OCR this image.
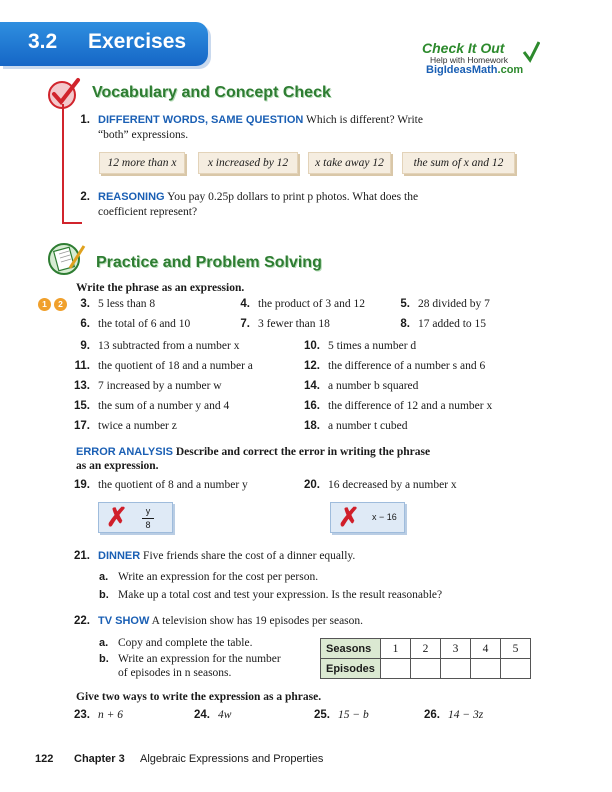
3.2 Exercises	Check It Out
Help with Homework
BigIdeasMath.com
Vocabulary and Concept Check
1. DIFFERENT WORDS, SAME QUESTION Which is different? Write
“both” expressions.
12 more than x	x increased by 12	x take away 12	the sum of x and 12
2. REASONING You pay 0.25p dollars to print p photos. What does the
coefficient represent?
Practice and Problem Solving
Write the phrase as an expression.
1	2	3. 5 less than 8	4. the product of 3 and 12	5. 28 divided by 7
6. the total of 6 and 10	7. 3 fewer than 18	8. 17 added to 15
9. 13 subtracted from a number x	10. 5 times a number d
11. the quotient of 18 and a number a	12. the difference of a number s and 6
13. 7 increased by a number w	14. a number b squared
15. the sum of a number y and 4	16. the difference of 12 and a number x
17. twice a number z	18. a number t cubed
ERROR ANALYSIS Describe and correct the error in writing the phrase
as an expression.
19. the quotient of 8 and a number y	20. 16 decreased by a number x
✗	y
8	✗ x − 16
21. DINNER Five friends share the cost of a dinner equally.
a. Write an expression for the cost per person.
b. Make up a total cost and test your expression. Is the result reasonable?
22. TV SHOW A television show has 19 episodes per season.
a. Copy and complete the table.
b. Write an expression for the number
of episodes in n seasons.
Seasons	1	2	3	4	5
Episodes					
Give two ways to write the expression as a phrase.
23. n + 6	24. 4w	25. 15 − b	26. 14 − 3z
122 Chapter 3 Algebraic Expressions and Properties
